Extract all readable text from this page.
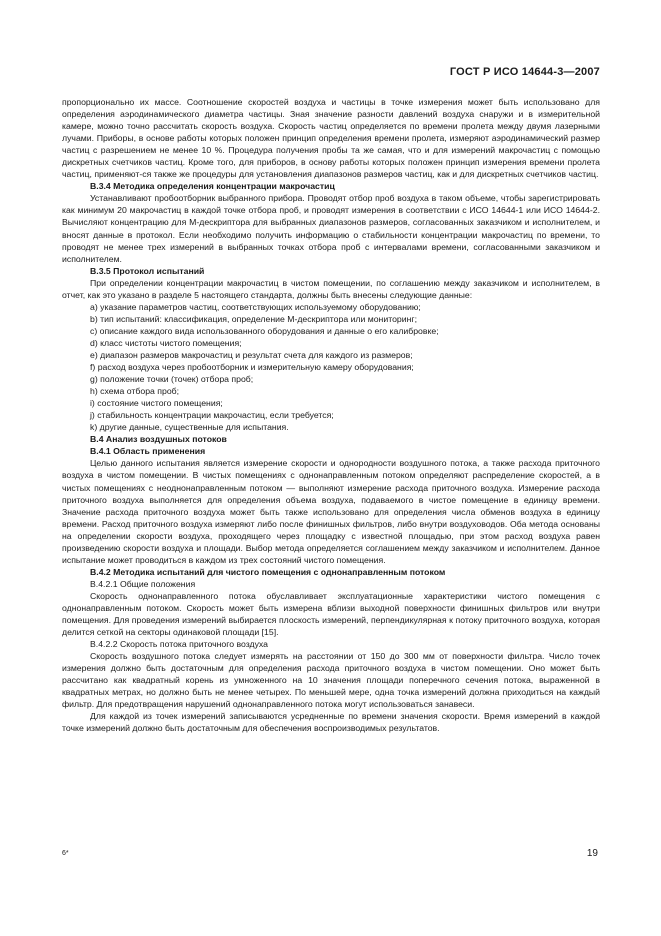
ГОСТ Р ИСО 14644-3—2007

пропорционально их массе. Соотношение скоростей воздуха и частицы в точке измерения может быть использовано для определения аэродинамического диаметра частицы. Зная значение разности давлений воздуха снаружи и в измерительной камере, можно точно рассчитать скорость воздуха. Скорость частиц определяется по времени пролета между двумя лазерными лучами. Приборы, в основе работы которых положен принцип определения времени пролета, измеряют аэродинамический размер частиц с разрешением не менее 10 %. Процедура получения пробы та же самая, что и для измерений макрочастиц с помощью дискретных счетчиков частиц. Кроме того, для приборов, в основу работы которых положен принцип измерения времени пролета частиц, применяют-ся также же процедуры для установления диапазонов размеров частиц, как и для дискретных счетчиков частиц.

B.3.4 Методика определения концентрации макрочастиц

Устанавливают пробоотборник выбранного прибора. Проводят отбор проб воздуха в таком объеме, чтобы зарегистрировать как минимум 20 макрочастиц в каждой точке отбора проб, и проводят измерения в соответствии с ИСО 14644-1 или ИСО 14644-2. Вычисляют концентрацию для М-дескриптора для выбранных диапазонов размеров, согласованных заказчиком и исполнителем, и вносят данные в протокол. Если необходимо получить информацию о стабильности концентрации макрочастиц по времени, то проводят не менее трех измерений в выбранных точках отбора проб с интервалами времени, согласованными заказчиком и исполнителем.

B.3.5 Протокол испытаний

При определении концентрации макрочастиц в чистом помещении, по соглашению между заказчиком и исполнителем, в отчет, как это указано в разделе 5 настоящего стандарта, должны быть внесены следующие данные:

а) указание параметров частиц, соответствующих используемому оборудованию;

b) тип испытаний: классификация, определение М-дескриптора или мониторинг;

с) описание каждого вида использованного оборудования и данные о его калибровке;

d) класс чистоты чистого помещения;

е) диапазон размеров макрочастиц и результат счета для каждого из размеров;

f) расход воздуха через пробоотборник и измерительную камеру оборудования;

g) положение точки (точек) отбора проб;

h) схема отбора проб;

i) состояние чистого помещения;

j) стабильность концентрации макрочастиц, если требуется;

k) другие данные, существенные для испытания.

B.4 Анализ воздушных потоков

B.4.1 Область применения

Целью данного испытания является измерение скорости и однородности воздушного потока, а также расхода приточного воздуха в чистом помещении. В чистых помещениях с однонаправленным потоком определяют распределение скоростей, а в чистых помещениях с неоднонаправленным потоком — выполняют измерение расхода приточного воздуха. Измерение расхода приточного воздуха выполняется для определения объема воздуха, подаваемого в чистое помещение в единицу времени. Значение расхода приточного воздуха может быть также использовано для определения числа обменов воздуха в единицу времени. Расход приточного воздуха измеряют либо после финишных фильтров, либо внутри воздуховодов. Оба метода основаны на определении скорости воздуха, проходящего через площадку с известной площадью, при этом расход воздуха равен произведению скорости воздуха и площади. Выбор метода определяется соглашением между заказчиком и исполнителем. Данное испытание может проводиться в каждом из трех состояний чистого помещения.

B.4.2 Методика испытаний для чистого помещения с однонаправленным потоком

B.4.2.1 Общие положения

Скорость однонаправленного потока обуславливает эксплуатационные характеристики чистого помещения с однонаправленным потоком. Скорость может быть измерена вблизи выходной поверхности финишных фильтров или внутри помещения. Для проведения измерений выбирается плоскость измерений, перпендикулярная к потоку приточного воздуха, которая делится сеткой на секторы одинаковой площади [15].

B.4.2.2 Скорость потока приточного воздуха

Скорость воздушного потока следует измерять на расстоянии от 150 до 300 мм от поверхности фильтра. Число точек измерения должно быть достаточным для определения расхода приточного воздуха в чистом помещении. Оно может быть рассчитано как квадратный корень из умноженного на 10 значения площади поперечного сечения потока, выраженной в квадратных метрах, но должно быть не менее четырех. По меньшей мере, одна точка измерений должна приходиться на каждый фильтр. Для предотвращения нарушений однонаправленного потока могут использоваться занавеси.

Для каждой из точек измерений записываются усредненные по времени значения скорости. Время измерений в каждой точке измерений должно быть достаточным для обеспечения воспроизводимых результатов.

6*	19
